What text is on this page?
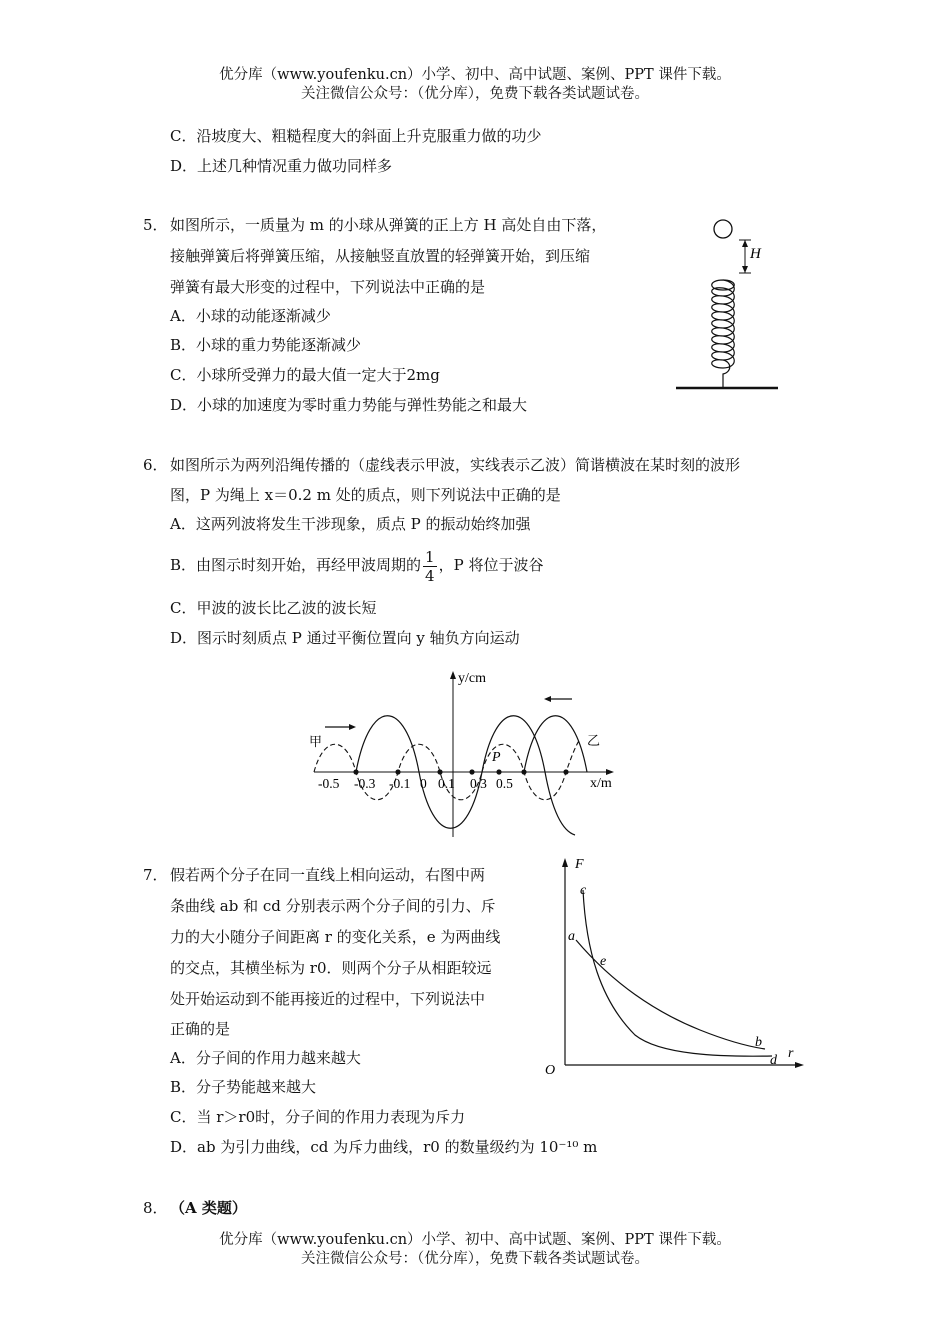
优分库（www.youfenku.cn）小学、初中、高中试题、案例、PPT 课件下载。
关注微信公众号：（优分库），免费下载各类试题试卷。
C．沿坡度大、粗糙程度大的斜面上升克服重力做的功少
D．上述几种情况重力做功同样多
5． 如图所示，一质量为 m 的小球从弹簧的正上方 H 高处自由下落，
接触弹簧后将弹簧压缩，从接触竖直放置的轻弹簧开始，到压缩
弹簧有最大形变的过程中，下列说法中正确的是
A．小球的动能逐渐减少
B．小球的重力势能逐渐减少
C．小球所受弹力的最大值一定大于2mg
D．小球的加速度为零时重力势能与弹性势能之和最大
H
6． 如图所示为两列沿绳传播的（虚线表示甲波，实线表示乙波）简谐横波在某时刻的波形
图，P 为绳上 x＝0.2 m 处的质点，则下列说法中正确的是
A．这两列波将发生干涉现象，质点 P 的振动始终加强
B．由图示时刻开始，再经甲波周期的 $\frac{1}{4}$ ，P 将位于波谷
C．甲波的波长比乙波的波长短
D．图示时刻质点 P 通过平衡位置向 y 轴负方向运动
y/cm
x/m
甲	乙
P
-0.5 -0.3 -0.1 0 0.1 0.3 0.5
7． 假若两个分子在同一直线上相向运动，右图中两
条曲线 ab 和 cd 分别表示两个分子间的引力、斥
力的大小随分子间距离 r 的变化关系，e 为两曲线
的交点，其横坐标为 r0．则两个分子从相距较远
处开始运动到不能再接近的过程中，下列说法中
正确的是
A．分子间的作用力越来越大
B．分子势能越来越大
C．当 r＞r0时，分子间的作用力表现为斥力
D．ab 为引力曲线，cd 为斥力曲线，r0 的数量级约为 10⁻¹⁰ m
F
O
r
a
b
c
d
e
8． （A 类题）
优分库（www.youfenku.cn）小学、初中、高中试题、案例、PPT 课件下载。
关注微信公众号：（优分库），免费下载各类试题试卷。
